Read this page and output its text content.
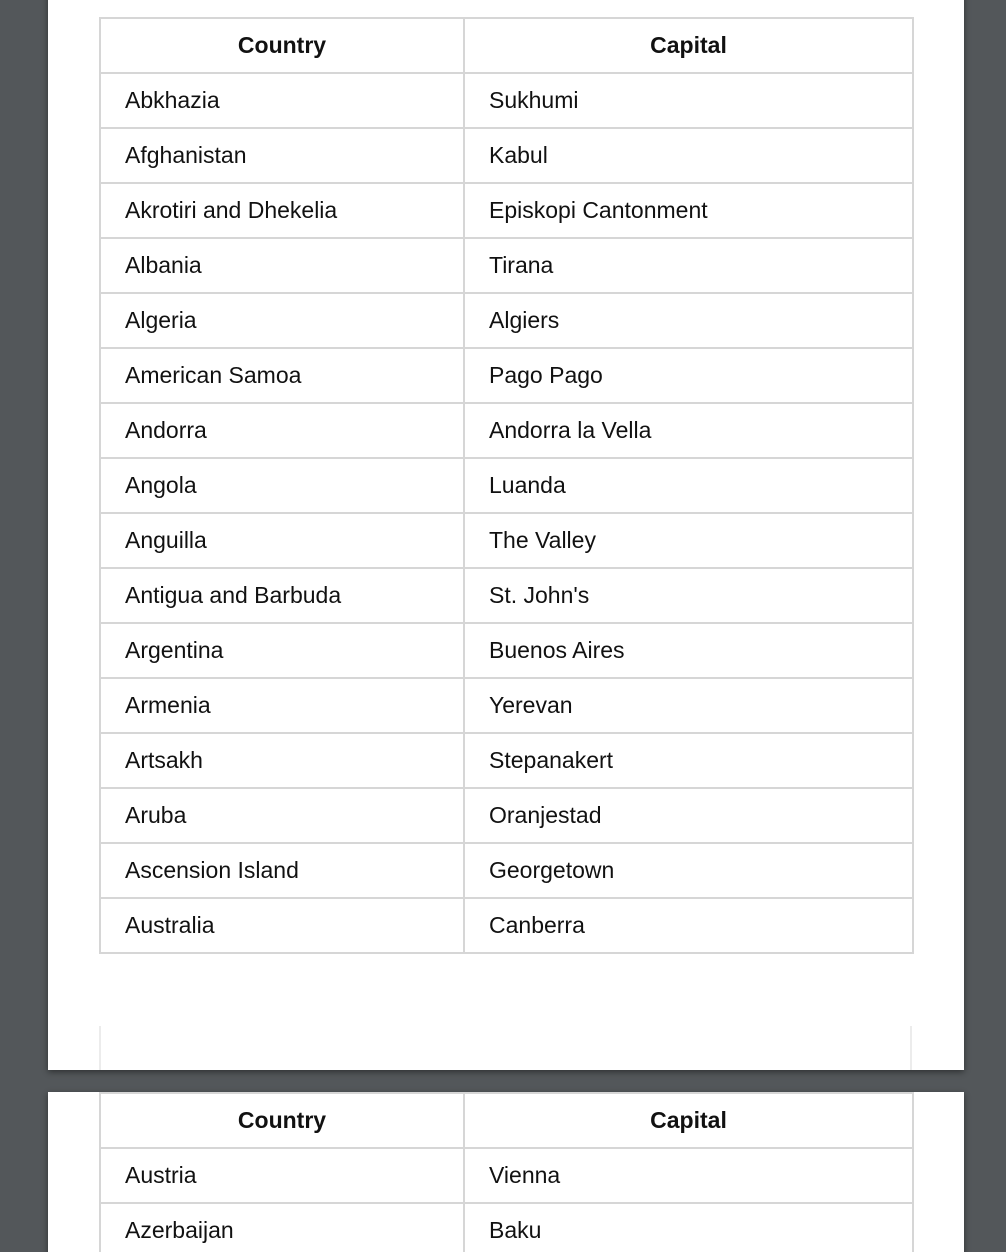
Country	Capital
Abkhazia	Sukhumi
Afghanistan	Kabul
Akrotiri and Dhekelia	Episkopi Cantonment
Albania	Tirana
Algeria	Algiers
American Samoa	Pago Pago
Andorra	Andorra la Vella
Angola	Luanda
Anguilla	The Valley
Antigua and Barbuda	St. John's
Argentina	Buenos Aires
Armenia	Yerevan
Artsakh	Stepanakert
Aruba	Oranjestad
Ascension Island	Georgetown
Australia	Canberra
Country	Capital
Austria	Vienna
Azerbaijan	Baku
